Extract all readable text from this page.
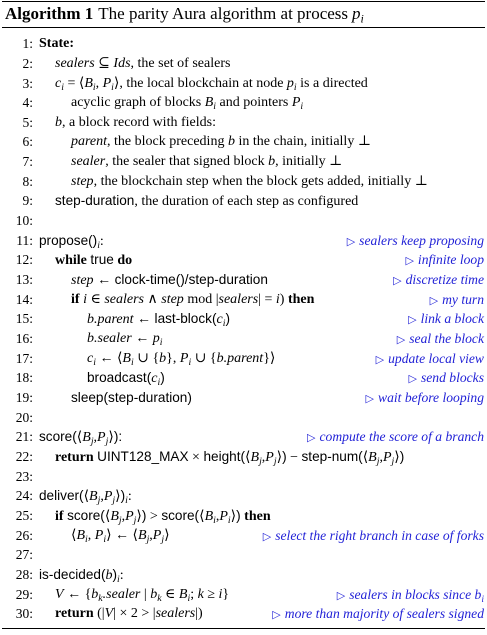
Algorithm 1 The parity Aura algorithm at process $p_i$
1: State:
2: sealers ⊆ Ids, the set of sealers
3: $c_i$ = $⟨B_i$, $P_i⟩$, the local blockchain at node $p_i$ is a directed
4:	acyclic graph of blocks $B_i$ and pointers $P_i$
5: b, a block record with fields:
6:	parent, the block preceding b in the chain, initially ⊥
7:	sealer, the sealer that signed block b, initially ⊥
8:	step, the blockchain step when the block gets added, initially ⊥
9: step-duration, the duration of each step as configured
10:
11: $propose()_i$: ▷	sealers keep proposing
12: while true do ▷	infinite loop
13:	step ← clock-time()/step-duration ▷	discretize time
14:	if i ∈ sealers ∧ step mod |sealers| = i) then ▷	my turn
15:	b.parent ← last-$block(c_i)$ ▷	link a block
16:	b.sealer ← $p_i$ ▷	seal the block
17:	$c_i$ ← $⟨B_i$ ∪ {b}, $P_i$ ∪ {b.parent}⟩ ▷	update local view
18:	$broadcast(c_i)$ ▷	send blocks
19:	sleep(step-duration) ▷	wait before looping
20:
21: $score(⟨B_j,P_j⟩)$: ▷	compute the score of a branch
22: return UINT128_MAX × $height(⟨B_j,P_j⟩)$ − step-$num(⟨B_j,P_j⟩)$
23:
24: $deliver(⟨B_j,P_j⟩)_i$:
25: if $score(⟨B_j,P_j⟩)$ > $score(⟨B_i,P_i⟩)$ then
26:	$⟨B_i$, $P_i⟩$ ← $⟨B_j,P_j⟩$ ▷	select the right branch in case of forks
27:
28: $is-decided(b)_i$:
29: V ← {$b_k.sealer$ | $b_k$ ∈ $B_i$; k ≥ i} ▷	sealers in blocks since $b_i$
30: return (|V| × 2 > |sealers|) ▷	more than majority of sealers signed
